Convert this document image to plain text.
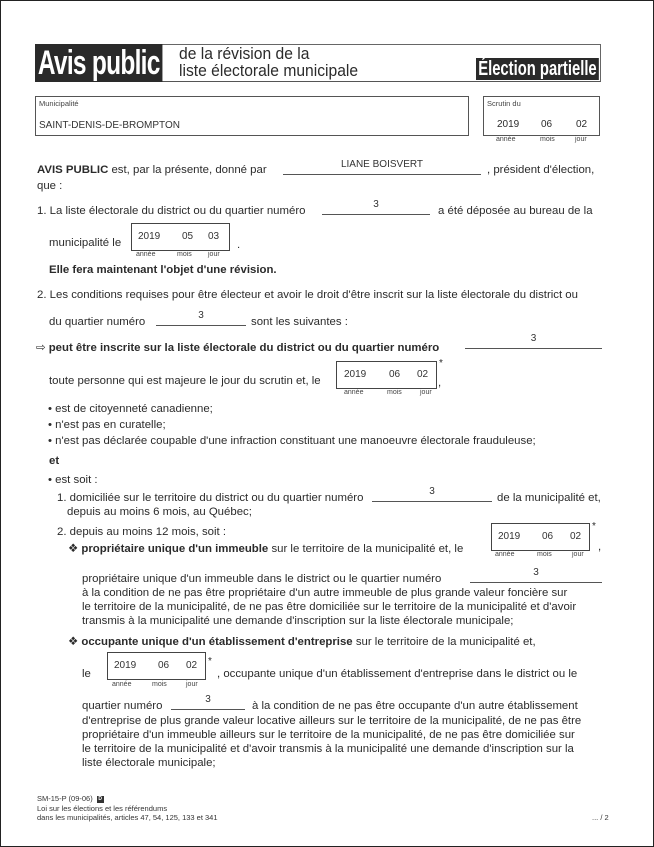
Avis public de la révision de la
liste électorale municipale	Élection partielle
Municipalité
SAINT-DENIS-DE-BROMPTON
Scrutin du
2019 06 02
année	mois	jour
AVIS PUBLIC est, par la présente, donné par	LIANE BOISVERT	, président d'élection,
que :
1. La liste électorale du district ou du quartier numéro
3
a été déposée au bureau de la
municipalité le
2019 05 03
année	mois jour
.
Elle fera maintenant l'objet d'une révision.
2. Les conditions requises pour être électeur et avoir le droit d'être inscrit sur la liste électorale du district ou
du quartier numéro
3
sont les suivantes :
⇨ peut être inscrite sur la liste électorale du district ou du quartier numéro
3
toute personne qui est majeure le jour du scrutin et, le
2019 06 02
*
,
année	mois	jour
• est de citoyenneté canadienne;
• n'est pas en curatelle;
• n'est pas déclarée coupable d'une infraction constituant une manoeuvre électorale frauduleuse;
et
• est soit :
1. domiciliée sur le territoire du district ou du quartier numéro
3
de la municipalité et,
depuis au moins 6 mois, au Québec;
2. depuis au moins 12 mois, soit :
❖ propriétaire unique d'un immeuble sur le territoire de la municipalité et, le
2019 06 02
*
,
année	mois	jour
propriétaire unique d'un immeuble dans le district ou le quartier numéro
3
à la condition de ne pas être propriétaire d'un autre immeuble de plus grande valeur foncière sur
le territoire de la municipalité, de ne pas être domiciliée sur le territoire de la municipalité et d'avoir
transmis à la municipalité une demande d'inscription sur la liste électorale municipale;
❖ occupante unique d'un établissement d'entreprise sur le territoire de la municipalité et,
le
2019 06 02 *
année	mois	jour
, occupante unique d'un établissement d'entreprise dans le district ou le
quartier numéro
3
à la condition de ne pas être occupante d'un autre établissement
d'entreprise de plus grande valeur locative ailleurs sur le territoire de la municipalité, de ne pas être
propriétaire d'un immeuble ailleurs sur le territoire de la municipalité, de ne pas être domiciliée sur
le territoire de la municipalité et d'avoir transmis à la municipalité une demande d'inscription sur la
liste électorale municipale;
SM-15-P (09-06) D
Loi sur les élections et les référendums
dans les municipalités, articles 47, 54, 125, 133 et 341	... / 2
